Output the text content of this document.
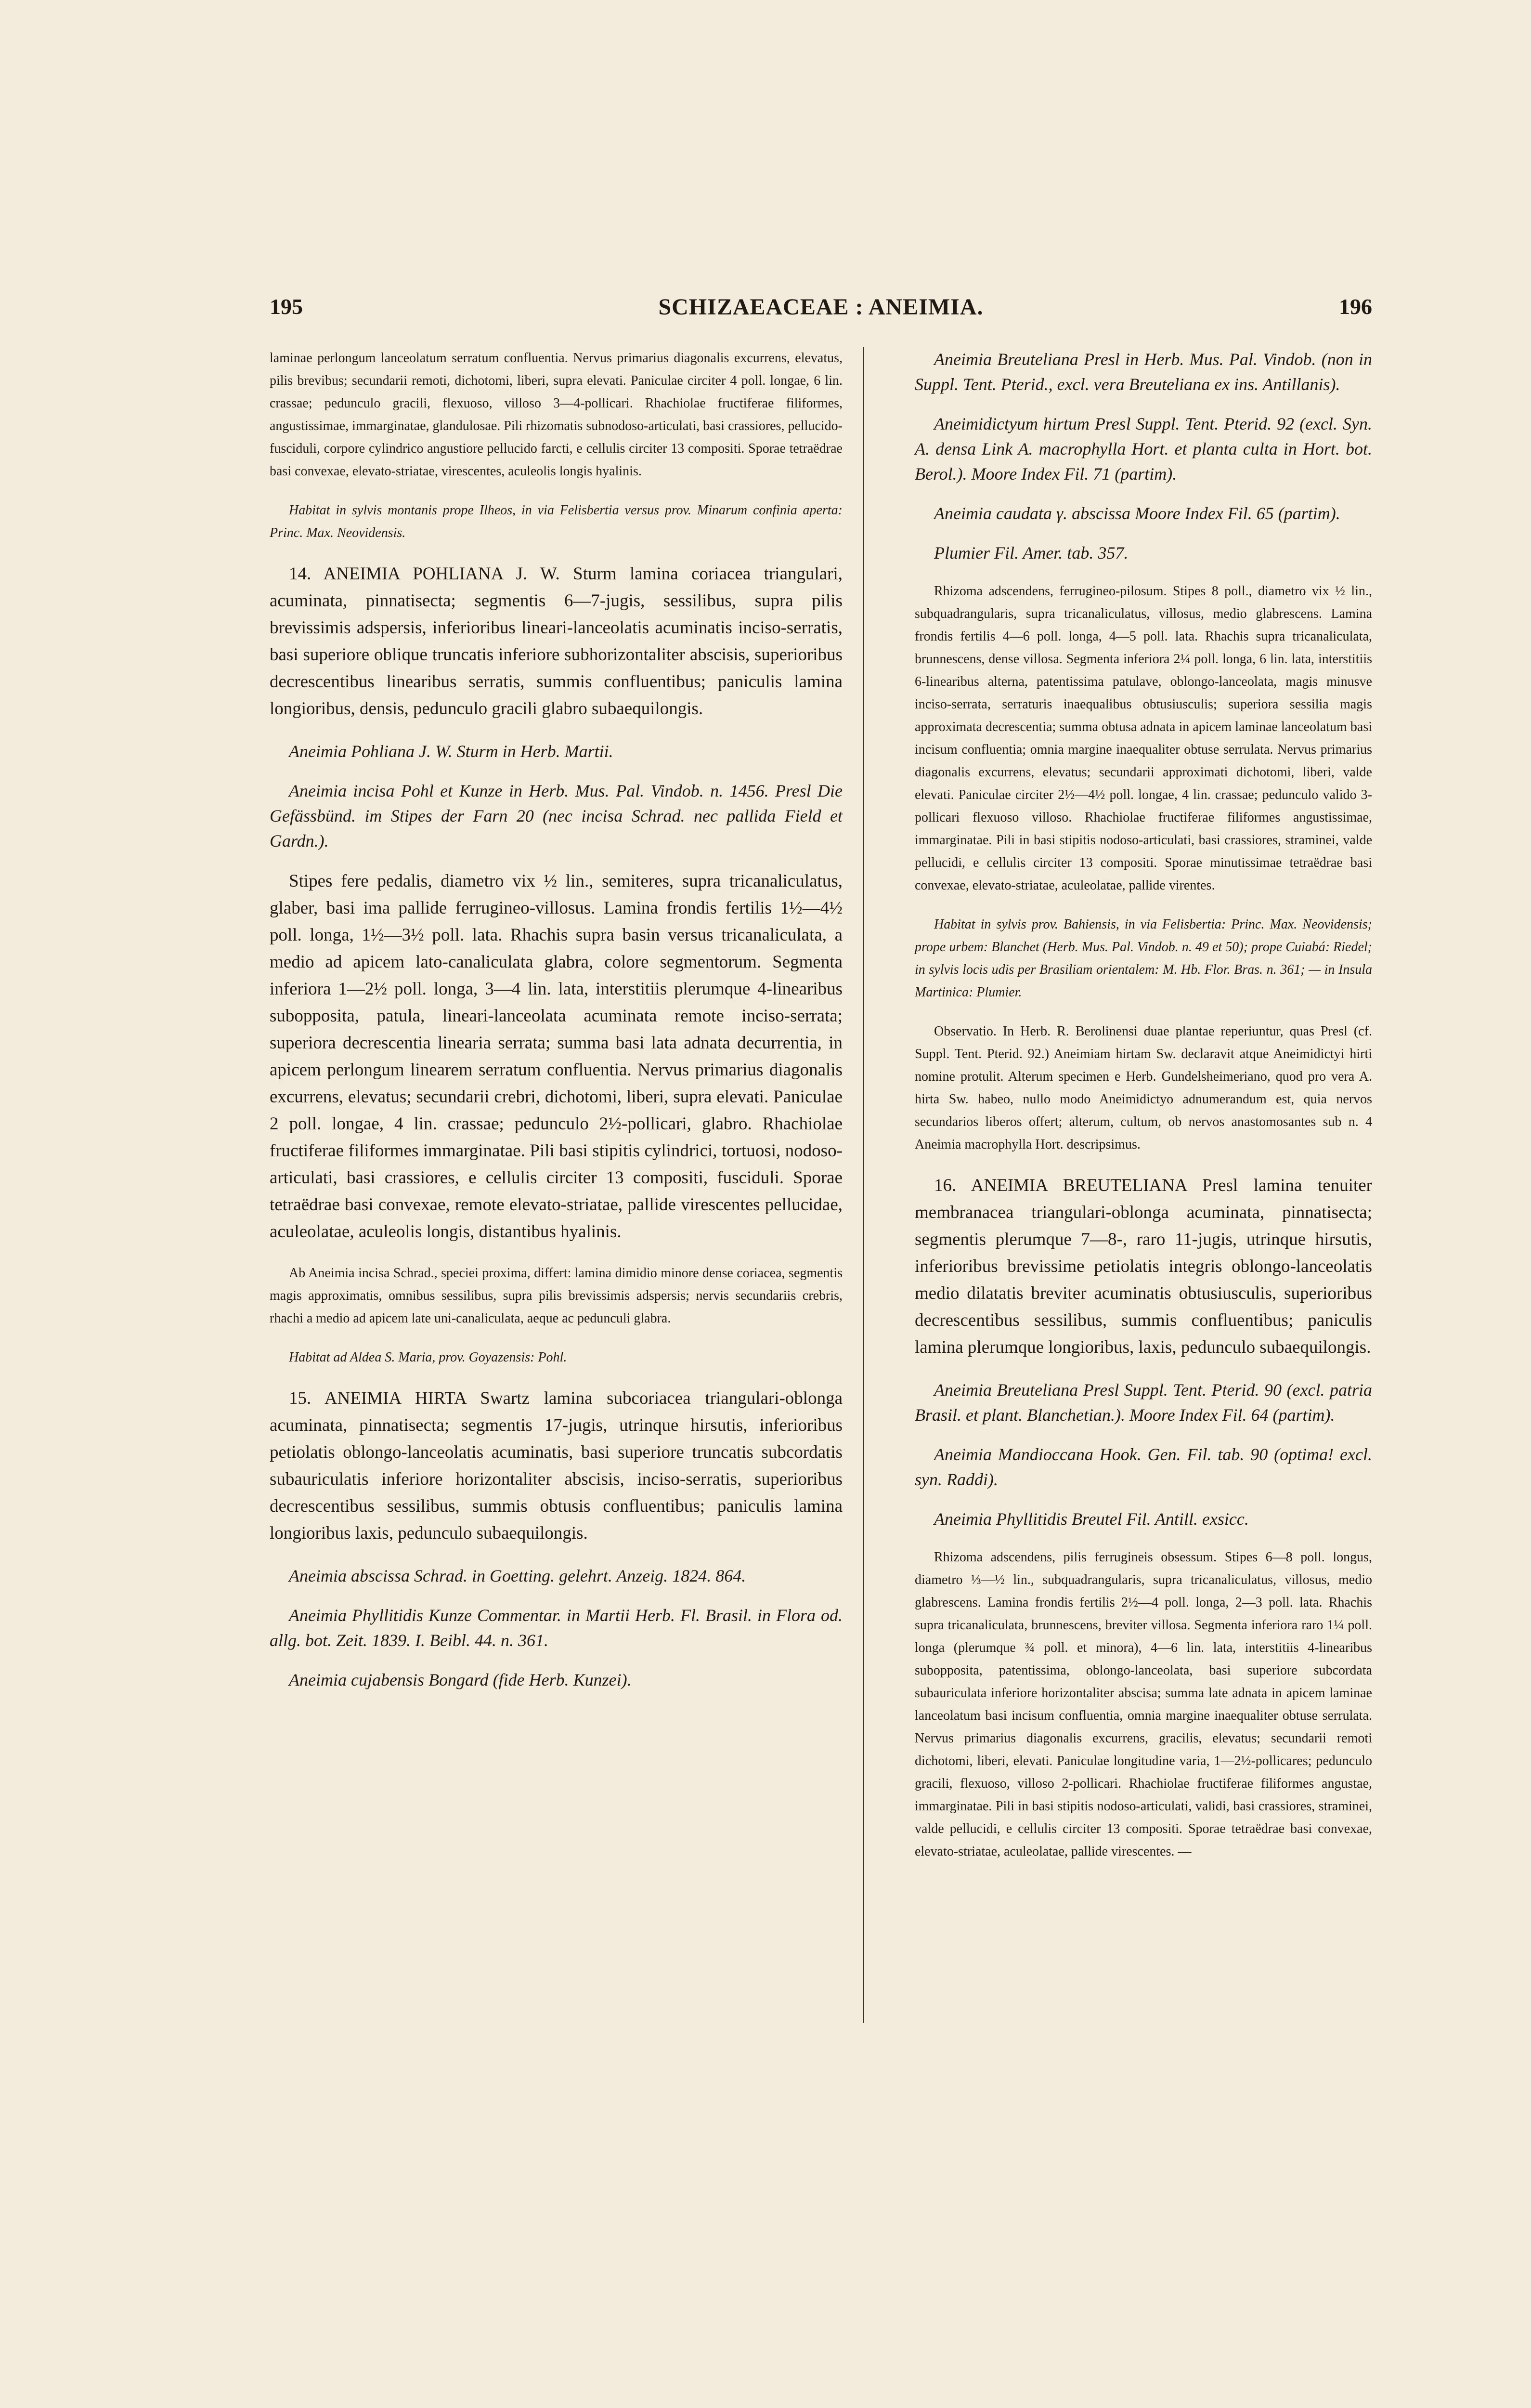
195	SCHIZAEACEAE : ANEIMIA.	196

laminae perlongum lanceolatum serratum confluentia. Nervus primarius diagonalis excurrens, elevatus, pilis brevibus; secundarii remoti, dichotomi, liberi, supra elevati. Paniculae circiter 4 poll. longae, 6 lin. crassae; pedunculo gracili, flexuoso, villoso 3—4-pollicari. Rhachiolae fructiferae filiformes, angustissimae, immarginatae, glandulosae. Pili rhizomatis subnodoso-articulati, basi crassiores, pellucido-fusciduli, corpore cylindrico angustiore pellucido farcti, e cellulis circiter 13 compositi. Sporae tetraëdrae basi convexae, elevato-striatae, virescentes, aculeolis longis hyalinis.

Habitat in sylvis montanis prope Ilheos, in via Felisbertia versus prov. Minarum confinia aperta: Princ. Max. Neovidensis.

14. ANEIMIA POHLIANA J. W. Sturm lamina coriacea triangulari, acuminata, pinnatisecta; segmentis 6—7-jugis, sessilibus, supra pilis brevissimis adspersis, inferioribus lineari-lanceolatis acuminatis inciso-serratis, basi superiore oblique truncatis inferiore subhorizontaliter abscisis, superioribus decrescentibus linearibus serratis, summis confluentibus; paniculis lamina longioribus, densis, pedunculo gracili glabro subaequilongis.

Aneimia Pohliana J. W. Sturm in Herb. Martii.

Aneimia incisa Pohl et Kunze in Herb. Mus. Pal. Vindob. n. 1456. Presl Die Gefässbünd. im Stipes der Farn 20 (nec incisa Schrad. nec pallida Field et Gardn.).

Stipes fere pedalis, diametro vix ½ lin., semiteres, supra tricanaliculatus, glaber, basi ima pallide ferrugineo-villosus. Lamina frondis fertilis 1½—4½ poll. longa, 1½—3½ poll. lata. Rhachis supra basin versus tricanaliculata, a medio ad apicem lato-canaliculata glabra, colore segmentorum. Segmenta inferiora 1—2½ poll. longa, 3—4 lin. lata, interstitiis plerumque 4-linearibus subopposita, patula, lineari-lanceolata acuminata remote inciso-serrata; superiora decrescentia linearia serrata; summa basi lata adnata decurrentia, in apicem perlongum linearem serratum confluentia. Nervus primarius diagonalis excurrens, elevatus; secundarii crebri, dichotomi, liberi, supra elevati. Paniculae 2 poll. longae, 4 lin. crassae; pedunculo 2½-pollicari, glabro. Rhachiolae fructiferae filiformes immarginatae. Pili basi stipitis cylindrici, tortuosi, nodoso-articulati, basi crassiores, e cellulis circiter 13 compositi, fusciduli. Sporae tetraëdrae basi convexae, remote elevato-striatae, pallide virescentes pellucidae, aculeolatae, aculeolis longis, distantibus hyalinis.

Ab Aneimia incisa Schrad., speciei proxima, differt: lamina dimidio minore dense coriacea, segmentis magis approximatis, omnibus sessilibus, supra pilis brevissimis adspersis; nervis secundariis crebris, rhachi a medio ad apicem late uni-canaliculata, aeque ac pedunculi glabra.

Habitat ad Aldea S. Maria, prov. Goyazensis: Pohl.

15. ANEIMIA HIRTA Swartz lamina subcoriacea triangulari-oblonga acuminata, pinnatisecta; segmentis 17-jugis, utrinque hirsutis, inferioribus petiolatis oblongo-lanceolatis acuminatis, basi superiore truncatis subcordatis subauriculatis inferiore horizontaliter abscisis, inciso-serratis, superioribus decrescentibus sessilibus, summis obtusis confluentibus; paniculis lamina longioribus laxis, pedunculo subaequilongis.

Aneimia abscissa Schrad. in Goetting. gelehrt. Anzeig. 1824. 864.

Aneimia Phyllitidis Kunze Commentar. in Martii Herb. Fl. Brasil. in Flora od. allg. bot. Zeit. 1839. I. Beibl. 44. n. 361.

Aneimia cujabensis Bongard (fide Herb. Kunzei).

Aneimia Breuteliana Presl in Herb. Mus. Pal. Vindob. (non in Suppl. Tent. Pterid., excl. vera Breuteliana ex ins. Antillanis).

Aneimidictyum hirtum Presl Suppl. Tent. Pterid. 92 (excl. Syn. A. densa Link A. macrophylla Hort. et planta culta in Hort. bot. Berol.). Moore Index Fil. 71 (partim).

Aneimia caudata γ. abscissa Moore Index Fil. 65 (partim).

Plumier Fil. Amer. tab. 357.

Rhizoma adscendens, ferrugineo-pilosum. Stipes 8 poll., diametro vix ½ lin., subquadrangularis, supra tricanaliculatus, villosus, medio glabrescens. Lamina frondis fertilis 4—6 poll. longa, 4—5 poll. lata. Rhachis supra tricanaliculata, brunnescens, dense villosa. Segmenta inferiora 2¼ poll. longa, 6 lin. lata, interstitiis 6-linearibus alterna, patentissima patulave, oblongo-lanceolata, magis minusve inciso-serrata, serraturis inaequalibus obtusiusculis; superiora sessilia magis approximata decrescentia; summa obtusa adnata in apicem laminae lanceolatum basi incisum confluentia; omnia margine inaequaliter obtuse serrulata. Nervus primarius diagonalis excurrens, elevatus; secundarii approximati dichotomi, liberi, valde elevati. Paniculae circiter 2½—4½ poll. longae, 4 lin. crassae; pedunculo valido 3-pollicari flexuoso villoso. Rhachiolae fructiferae filiformes angustissimae, immarginatae. Pili in basi stipitis nodoso-articulati, basi crassiores, straminei, valde pellucidi, e cellulis circiter 13 compositi. Sporae minutissimae tetraëdrae basi convexae, elevato-striatae, aculeolatae, pallide virentes.

Habitat in sylvis prov. Bahiensis, in via Felisbertia: Princ. Max. Neovidensis; prope urbem: Blanchet (Herb. Mus. Pal. Vindob. n. 49 et 50); prope Cuiabá: Riedel; in sylvis locis udis per Brasiliam orientalem: M. Hb. Flor. Bras. n. 361; — in Insula Martinica: Plumier.

Observatio. In Herb. R. Berolinensi duae plantae reperiuntur, quas Presl (cf. Suppl. Tent. Pterid. 92.) Aneimiam hirtam Sw. declaravit atque Aneimidictyi hirti nomine protulit. Alterum specimen e Herb. Gundelsheimeriano, quod pro vera A. hirta Sw. habeo, nullo modo Aneimidictyo adnumerandum est, quia nervos secundarios liberos offert; alterum, cultum, ob nervos anastomosantes sub n. 4 Aneimia macrophylla Hort. descripsimus.

16. ANEIMIA BREUTELIANA Presl lamina tenuiter membranacea triangulari-oblonga acuminata, pinnatisecta; segmentis plerumque 7—8-, raro 11-jugis, utrinque hirsutis, inferioribus brevissime petiolatis integris oblongo-lanceolatis medio dilatatis breviter acuminatis obtusiusculis, superioribus decrescentibus sessilibus, summis confluentibus; paniculis lamina plerumque longioribus, laxis, pedunculo subaequilongis.

Aneimia Breuteliana Presl Suppl. Tent. Pterid. 90 (excl. patria Brasil. et plant. Blanchetian.). Moore Index Fil. 64 (partim).

Aneimia Mandioccana Hook. Gen. Fil. tab. 90 (optima! excl. syn. Raddi).

Aneimia Phyllitidis Breutel Fil. Antill. exsicc.

Rhizoma adscendens, pilis ferrugineis obsessum. Stipes 6—8 poll. longus, diametro ⅓—½ lin., subquadrangularis, supra tricanaliculatus, villosus, medio glabrescens. Lamina frondis fertilis 2½—4 poll. longa, 2—3 poll. lata. Rhachis supra tricanaliculata, brunnescens, breviter villosa. Segmenta inferiora raro 1¼ poll. longa (plerumque ¾ poll. et minora), 4—6 lin. lata, interstitiis 4-linearibus subopposita, patentissima, oblongo-lanceolata, basi superiore subcordata subauriculata inferiore horizontaliter abscisa; summa late adnata in apicem laminae lanceolatum basi incisum confluentia, omnia margine inaequaliter obtuse serrulata. Nervus primarius diagonalis excurrens, gracilis, elevatus; secundarii remoti dichotomi, liberi, elevati. Paniculae longitudine varia, 1—2½-pollicares; pedunculo gracili, flexuoso, villoso 2-pollicari. Rhachiolae fructiferae filiformes angustae, immarginatae. Pili in basi stipitis nodoso-articulati, validi, basi crassiores, straminei, valde pellucidi, e cellulis circiter 13 compositi. Sporae tetraëdrae basi convexae, elevato-striatae, aculeolatae, pallide virescentes. —
